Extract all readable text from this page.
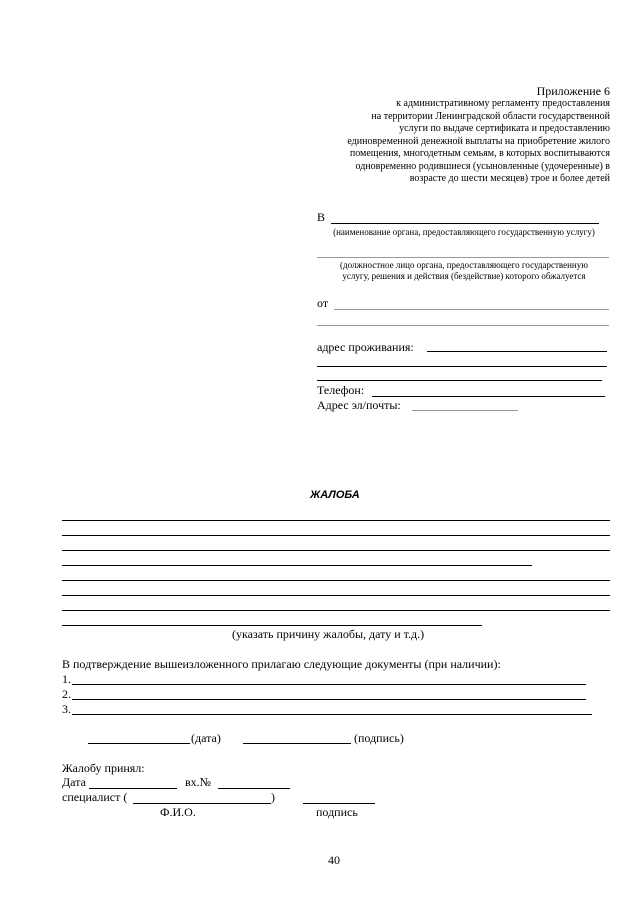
Приложение 6
к административному регламенту предоставления
на территории Ленинградской области государственной
услуги по выдаче сертификата и предоставлению
единовременной денежной выплаты на приобретение жилого
помещения, многодетным семьям, в которых воспитываются
одновременно родившиеся (усыновленные (удочеренные) в
возрасте до шести месяцев) трое и более детей
В
(наименование органа, предоставляющего государственную услугу)
(должностное лицо органа, предоставляющего государственную
услугу, решения и действия (бездействие) которого обжалуется
от
адрес проживания:
Телефон:
Адрес эл/почты:
ЖАЛОБА
(указать причину жалобы, дату и т.д.)
В подтверждение вышеизложенного прилагаю следующие документы (при наличии):
1.
2.
3.
(дата)	(подпись)
Жалобу принял:
Дата	вх.№
специалист (	)
Ф.И.О.	подпись
40
